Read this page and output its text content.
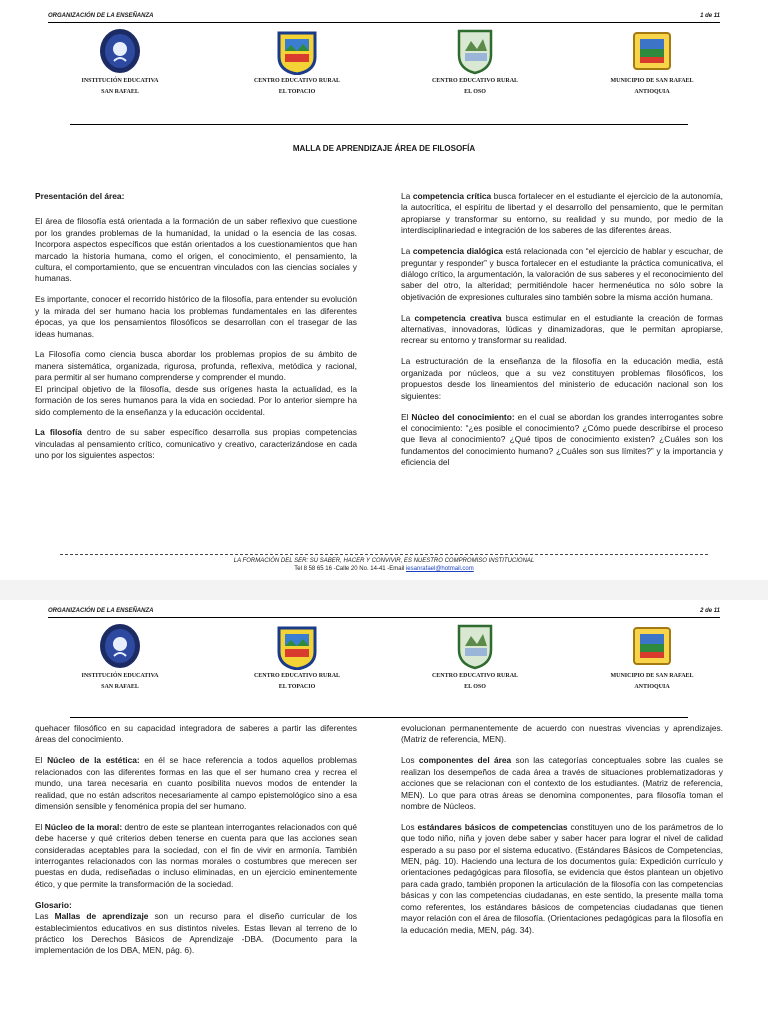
ORGANIZACIÓN DE LA ENSEÑANZA	1 de 11
INSTITUCIÓN EDUCATIVA
SAN RAFAEL
CENTRO EDUCATIVO RURAL
EL TOPACIO
CENTRO EDUCATIVO RURAL
EL OSO
MUNICIPIO DE SAN RAFAEL
ANTIOQUIA
MALLA DE APRENDIZAJE ÁREA DE FILOSOFÍA

Presentación del área:

El área de filosofía está orientada a la formación de un saber reflexivo que cuestione por los grandes problemas de la humanidad, la unidad o la esencia de las cosas. Incorpora aspectos específicos que están orientados a los cuestionamientos que han marcado la historia humana, como el origen, el conocimiento, el pensamiento, la cultura, el comportamiento, que se encuentran vinculados con las ciencias sociales y humanas.

Es importante, conocer el recorrido histórico de la filosofía, para entender su evolución y la mirada del ser humano hacia los problemas fundamentales en las diferentes épocas, ya que los pensamientos filosóficos se desarrollan con el trasegar de las ideas humanas.

La Filosofía como ciencia busca abordar los problemas propios de su ámbito de manera sistemática, organizada, rigurosa, profunda, reflexiva, metódica y racional, para permitir al ser humano comprenderse y comprender el mundo.

El principal objetivo de la filosofía, desde sus orígenes hasta la actualidad, es la formación de los seres humanos para la vida en sociedad. Por lo anterior siempre ha sido complemento de la enseñanza y la educación occidental.

La filosofía dentro de su saber específico desarrolla sus propias competencias vinculadas al pensamiento crítico, comunicativo y creativo, caracterizándose en cada uno por los siguientes aspectos:

La competencia crítica busca fortalecer en el estudiante el ejercicio de la autonomía, la autocrítica, el espíritu de libertad y el desarrollo del pensamiento, que le permitan apropiarse y transformar su entorno, su realidad y su mundo, por medio de la interdisciplinariedad e integración de los saberes de las diferentes áreas.

La competencia dialógica está relacionada con “el ejercicio de hablar y escuchar, de preguntar y responder” y busca fortalecer en el estudiante la práctica comunicativa, el diálogo crítico, la argumentación, la valoración de sus saberes y el reconocimiento del saber del otro, la alteridad; permitiéndole hacer hermenéutica no sólo sobre la objetivación de expresiones culturales sino también sobre la misma acción humana.

La competencia creativa busca estimular en el estudiante la creación de formas alternativas, innovadoras, lúdicas y dinamizadoras, que le permitan apropiarse, recrear su entorno y transformar su realidad.

La estructuración de la enseñanza de la filosofía en la educación media, está organizada por núcleos, que a su vez constituyen problemas filosóficos, los propuestos desde los lineamientos del ministerio de educación nacional son los siguientes:

El Núcleo del conocimiento: en el cual se abordan los grandes interrogantes sobre el conocimiento: “¿es posible el conocimiento? ¿Cómo puede describirse el proceso que lleva al conocimiento? ¿Qué tipos de conocimiento existen? ¿Cuáles son los fundamentos del conocimiento humano? ¿Cuáles son sus límites?” y la importancia y eficiencia del

LA FORMACIÓN DEL SER: SU SABER, HACER Y CONVIVIR, ES NUESTRO COMPROMISO INSTITUCIONAL
Tel 8 58 65 16 -Calle 20 No. 14-41 -Email iesanrafael@hotmail.com
ORGANIZACIÓN DE LA ENSEÑANZA	2 de 11
INSTITUCIÓN EDUCATIVA
SAN RAFAEL
CENTRO EDUCATIVO RURAL
EL TOPACIO
CENTRO EDUCATIVO RURAL
EL OSO
MUNICIPIO DE SAN RAFAEL
ANTIOQUIA

quehacer filosófico en su capacidad integradora de saberes a partir las diferentes áreas del conocimiento.

El Núcleo de la estética: en él se hace referencia a todos aquellos problemas relacionados con las diferentes formas en las que el ser humano crea y recrea el mundo, una tarea necesaria en cuanto posibilita nuevos modos de entender la realidad, que no están adscritos necesariamente al campo epistemológico sino a esa dimensión sensible y fenoménica propia del ser humano.

El Núcleo de la moral: dentro de este se plantean interrogantes relacionados con qué debe hacerse y qué criterios deben tenerse en cuenta para que las acciones sean consideradas aceptables para la sociedad, con el fin de vivir en armonía. También interrogantes relacionados con las normas morales o costumbres que merecen ser puestas en duda, rediseñadas o incluso eliminadas, en un ejercicio eminentemente ético, y que permite la transformación de la sociedad.

Glosario:

Las Mallas de aprendizaje son un recurso para el diseño curricular de los establecimientos educativos en sus distintos niveles. Estas llevan al terreno de lo práctico los Derechos Básicos de Aprendizaje -DBA. (Documento para la implementación de los DBA, MEN, pág. 6).

evolucionan permanentemente de acuerdo con nuestras vivencias y aprendizajes. (Matriz de referencia, MEN).

Los componentes del área son las categorías conceptuales sobre las cuales se realizan los desempeños de cada área a través de situaciones problematizadoras y acciones que se relacionan con el contexto de los estudiantes. (Matriz de referencia, MEN). Lo que para otras áreas se denomina componentes, para filosofía toman el nombre de Núcleos.

Los estándares básicos de competencias constituyen uno de los parámetros de lo que todo niño, niña y joven debe saber y saber hacer para lograr el nivel de calidad esperado a su paso por el sistema educativo. (Estándares Básicos de Competencias, MEN, pág. 10). Haciendo una lectura de los documentos guía: Expedición currículo y orientaciones pedagógicas para filosofía, se evidencia que éstos plantean un objetivo para cada grado, también proponen la articulación de la filosofía con las competencias básicas y con las competencias ciudadanas, en este sentido, la presente malla toma como referentes, los estándares básicos de competencias ciudadanas que tienen mayor relación con el área de filosofía. (Orientaciones pedagógicas para la filosofía en la educación media, MEN, pág. 34).
